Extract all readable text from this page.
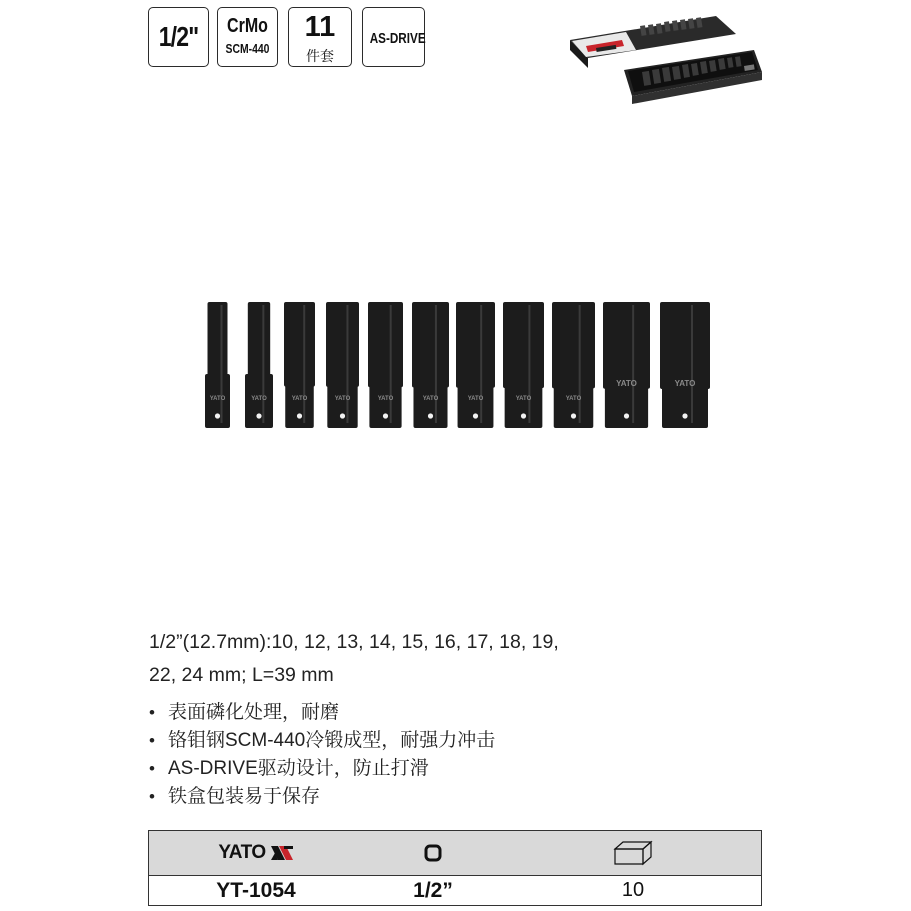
1/2" CrMo
SCM-440
11
件套
AS-DRIVE
YATO	YATO	YATO	YATO	YATO	YATO	YATO	YATO	YATO
YATO	YATO
1/2”(12.7mm):10, 12, 13, 14, 15, 16, 17, 18, 19,
22, 24 mm; L=39 mm
• 表面磷化处理，耐磨
• 铬钼钢SCM-440冷锻成型，耐强力冲击
• AS-DRIVE驱动设计，防止打滑
• 铁盒包装易于保存
YATO
YT-1054	1/2”	10
